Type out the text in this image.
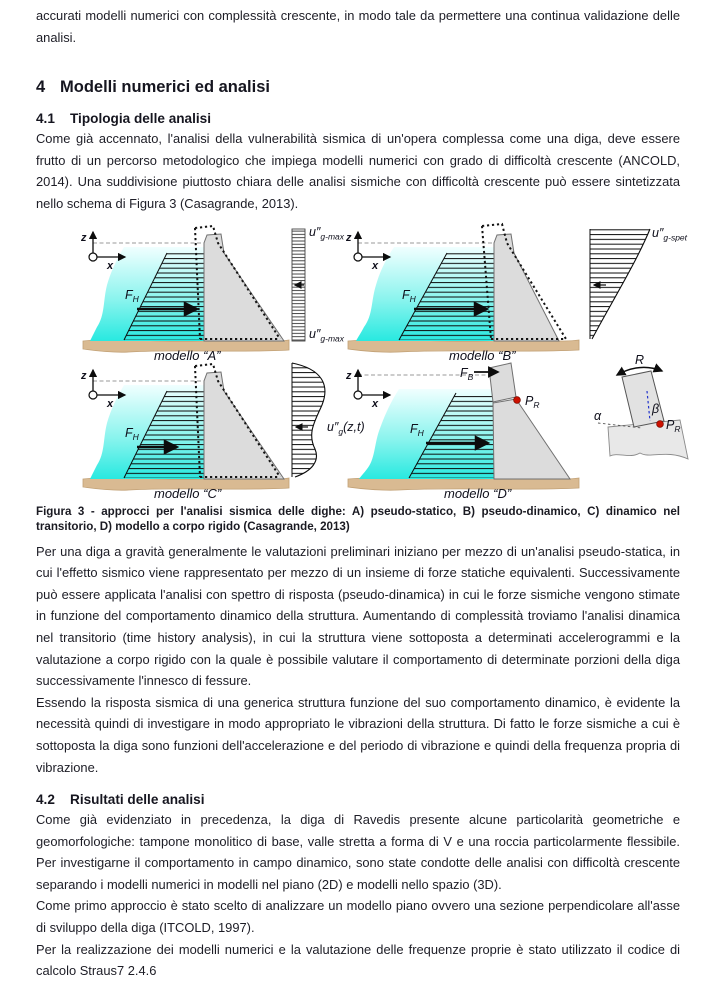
accurati modelli numerici con complessità crescente, in modo tale da permettere una continua validazione delle analisi.

4 Modelli numerici ed analisi
4.1 Tipologia delle analisi

Come già accennato, l'analisi della vulnerabilità sismica di un'opera complessa come una diga, deve essere frutto di un percorso metodologico che impiega modelli numerici con grado di difficoltà crescente (ANCOLD, 2014). Una suddivisione piuttosto chiara delle analisi sismiche con difficoltà crescente può essere sintetizzata nello schema di Figura 3 (Casagrande, 2013).

$F_H$
$u''_{g-max}$
$u''_{g-max}$
z
x
modello “A”
$F_H$
$u''_{g-spet}$
z
x
modello “B”
$F_H$
$u''_g(z,t)$
z
x
modello “C”
$F_H$
$F_B$
$P_R$
z
x
modello “D”
R
α	β
$P_R$

Figura 3 - approcci per l'analisi sismica delle dighe: A) pseudo-statico, B) pseudo-dinamico, C) dinamico nel transitorio, D) modello a corpo rigido (Casagrande, 2013)

Per una diga a gravità generalmente le valutazioni preliminari iniziano per mezzo di un'analisi pseudo-statica, in cui l'effetto sismico viene rappresentato per mezzo di un insieme di forze statiche equivalenti. Successivamente può essere applicata l'analisi con spettro di risposta (pseudo-dinamica) in cui le forze sismiche vengono stimate in funzione del comportamento dinamico della struttura. Aumentando di complessità troviamo l'analisi dinamica nel transitorio (time history analysis), in cui la struttura viene sottoposta a determinati accelerogrammi e la valutazione a corpo rigido con la quale è possibile valutare il comportamento di determinate porzioni della diga successivamente l'innesco di fessure.

Essendo la risposta sismica di una generica struttura funzione del suo comportamento dinamico, è evidente la necessità quindi di investigare in modo appropriato le vibrazioni della struttura. Di fatto le forze sismiche a cui è sottoposta la diga sono funzioni dell'accelerazione e del periodo di vibrazione e quindi della frequenza propria di vibrazione.

4.2 Risultati delle analisi

Come già evidenziato in precedenza, la diga di Ravedis presente alcune particolarità geometriche e geomorfologiche: tampone monolitico di base, valle stretta a forma di V e una roccia particolarmente flessibile. Per investigarne il comportamento in campo dinamico, sono state condotte delle analisi con difficoltà crescente separando i modelli numerici in modelli nel piano (2D) e modelli nello spazio (3D).

Come primo approccio è stato scelto di analizzare un modello piano ovvero una sezione perpendicolare all'asse di sviluppo della diga (ITCOLD, 1997).

Per la realizzazione dei modelli numerici e la valutazione delle frequenze proprie è stato utilizzato il codice di calcolo Straus7 2.4.6
